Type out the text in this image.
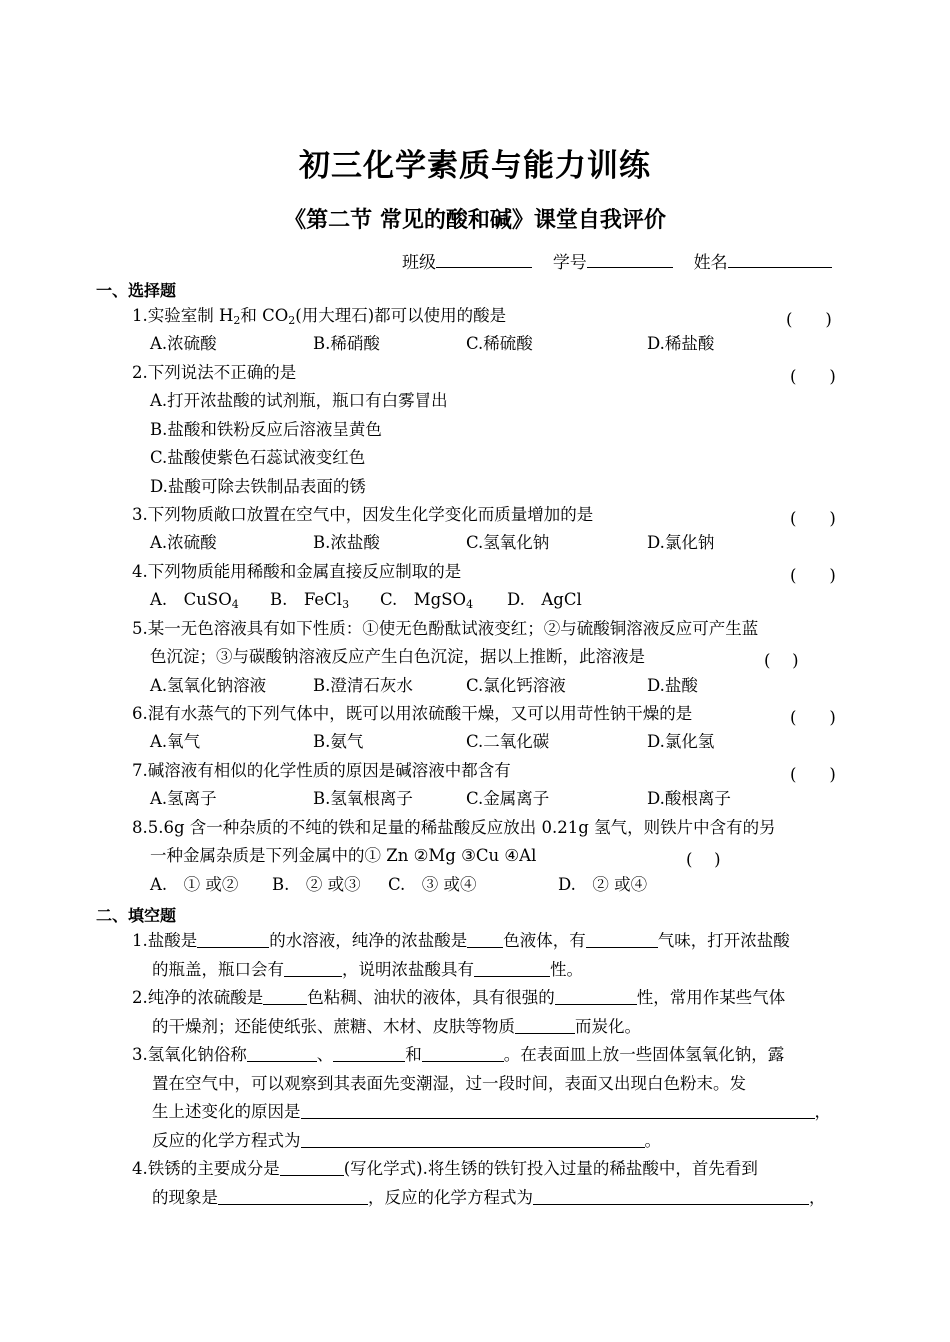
初三化学素质与能力训练
《第二节 常见的酸和碱》课堂自我评价
班级	学号	姓名
一、选择题
1.实验室制 $H_2$和 $CO_2$(用大理石)都可以使用的酸是	(　　)
A.浓硫酸	B.稀硝酸	C.稀硫酸	D.稀盐酸
2.下列说法不正确的是	(　　)
A.打开浓盐酸的试剂瓶，瓶口有白雾冒出
B.盐酸和铁粉反应后溶液呈黄色
C.盐酸使紫色石蕊试液变红色
D.盐酸可除去铁制品表面的锈
3.下列物质敞口放置在空气中，因发生化学变化而质量增加的是	(　　)
A.浓硫酸	B.浓盐酸	C.氢氧化钠	D.氯化钠
4.下列物质能用稀酸和金属直接反应制取的是	(　　)
A.　CuSO$_4$ B.　FeCl$_3$ C.　MgSO$_4$ D.　AgCl
5.某一无色溶液具有如下性质：①使无色酚酞试液变红；②与硫酸铜溶液反应可产生蓝
色沉淀；③与碳酸钠溶液反应产生白色沉淀，据以上推断，此溶液是	(　 )
A.氢氧化钠溶液	B.澄清石灰水	C.氯化钙溶液	D.盐酸
6.混有水蒸气的下列气体中，既可以用浓硫酸干燥，又可以用苛性钠干燥的是	(　　)
A.氧气	B.氨气	C.二氧化碳	D.氯化氢
7.碱溶液有相似的化学性质的原因是碱溶液中都含有	(　　)
A.氢离子	B.氢氧根离子	C.金属离子	D.酸根离子
8.5.6g 含一种杂质的不纯的铁和足量的稀盐酸反应放出 0.21g 氢气，则铁片中含有的另
一种金属杂质是下列金属中的① Zn ②Mg ③Cu ④Al	(　 )
A.　① 或② B.　② 或③ C.　③ 或④	D.　② 或④
二、填空题
1.盐酸是	的水溶液，纯净的浓盐酸是 色液体，有	气味，打开浓盐酸
的瓶盖，瓶口会有	，说明浓盐酸具有	性。
2.纯净的浓硫酸是	色粘稠、油状的液体，具有很强的	性，常用作某些气体
的干燥剂；还能使纸张、蔗糖、木材、皮肤等物质	而炭化。
3.氢氧化钠俗称	、	和	。在表面皿上放一些固体氢氧化钠，露
置在空气中，可以观察到其表面先变潮湿，过一段时间，表面又出现白色粉末。发
生上述变化的原因是	，
反应的化学方程式为	。
4.铁锈的主要成分是	(写化学式).将生锈的铁钉投入过量的稀盐酸中，首先看到
的现象是	，反应的化学方程式为	，
